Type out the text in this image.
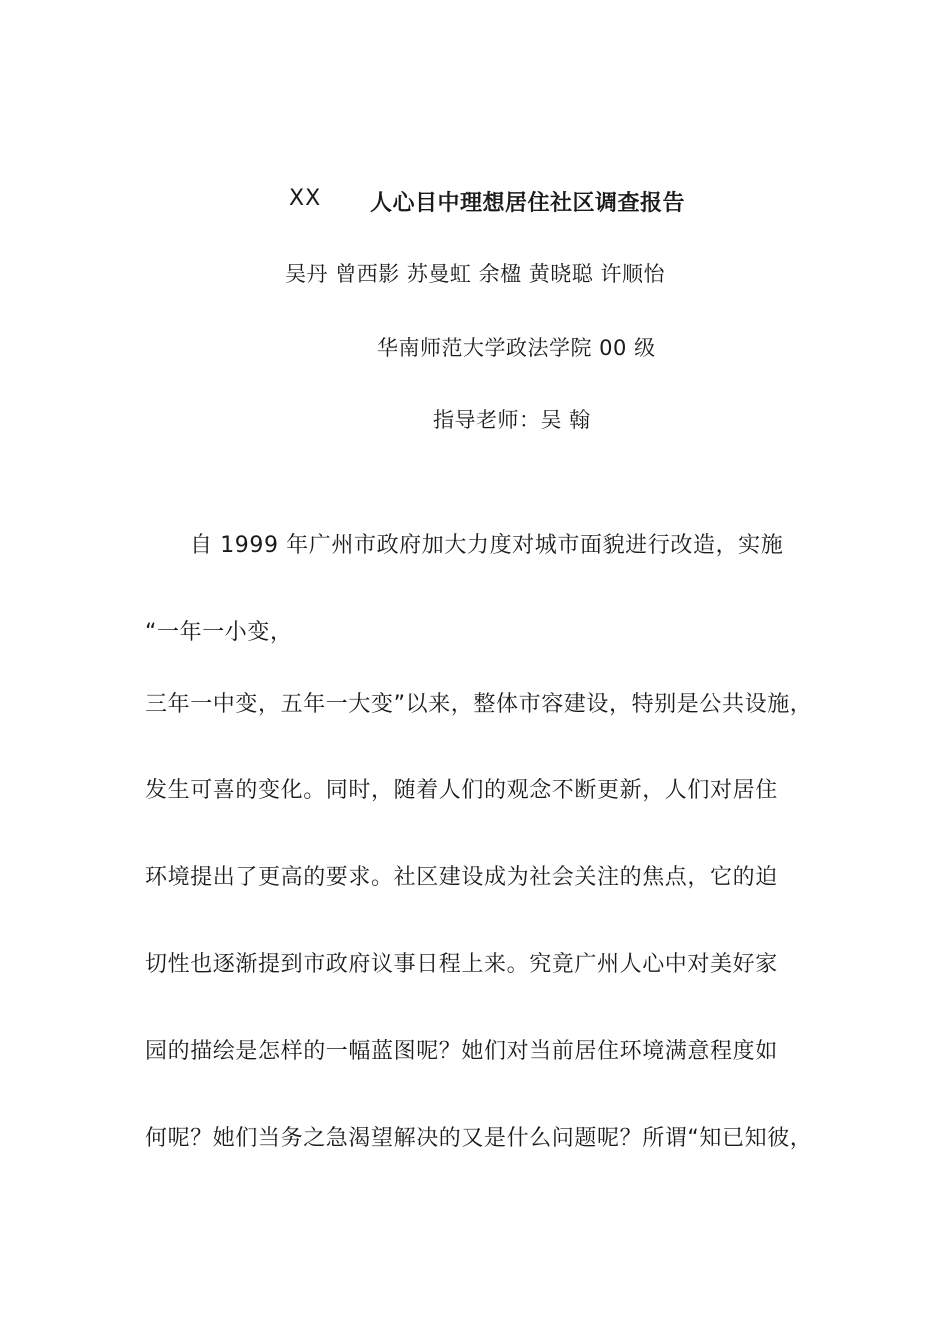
XX 人心目中理想居住社区调查报告
吴丹 曾西影 苏曼虹 余楹 黄晓聪 许顺怡
华南师范大学政法学院 00 级
指导老师：吴 翰
自 1999 年广州市政府加大力度对城市面貌进行改造，实施
“一年一小变，
三年一中变，五年一大变”以来，整体市容建设，特别是公共设施，
发生可喜的变化。同时，随着人们的观念不断更新，人们对居住
环境提出了更高的要求。社区建设成为社会关注的焦点，它的迫
切性也逐渐提到市政府议事日程上来。究竟广州人心中对美好家
园的描绘是怎样的一幅蓝图呢？她们对当前居住环境满意程度如
何呢？她们当务之急渴望解决的又是什么问题呢？所谓“知已知彼，
